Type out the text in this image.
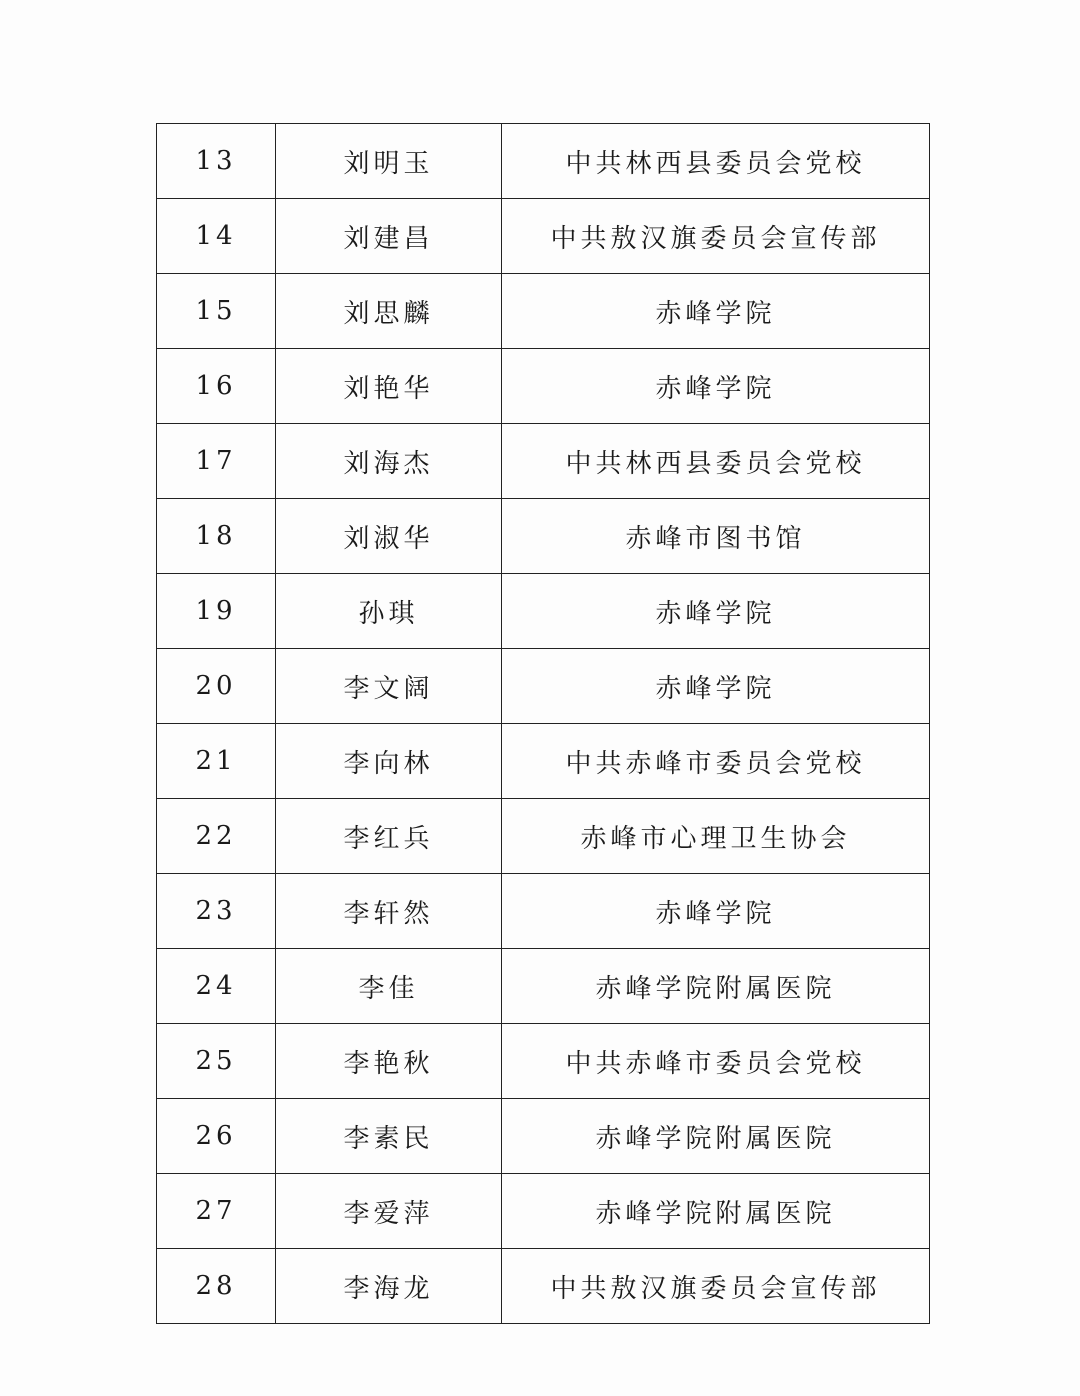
13	刘明玉	中共林西县委员会党校
14	刘建昌	中共敖汉旗委员会宣传部
15	刘思麟	赤峰学院
16	刘艳华	赤峰学院
17	刘海杰	中共林西县委员会党校
18	刘淑华	赤峰市图书馆
19	孙琪	赤峰学院
20	李文阔	赤峰学院
21	李向林	中共赤峰市委员会党校
22	李红兵	赤峰市心理卫生协会
23	李轩然	赤峰学院
24	李佳	赤峰学院附属医院
25	李艳秋	中共赤峰市委员会党校
26	李素民	赤峰学院附属医院
27	李爱萍	赤峰学院附属医院
28	李海龙	中共敖汉旗委员会宣传部
